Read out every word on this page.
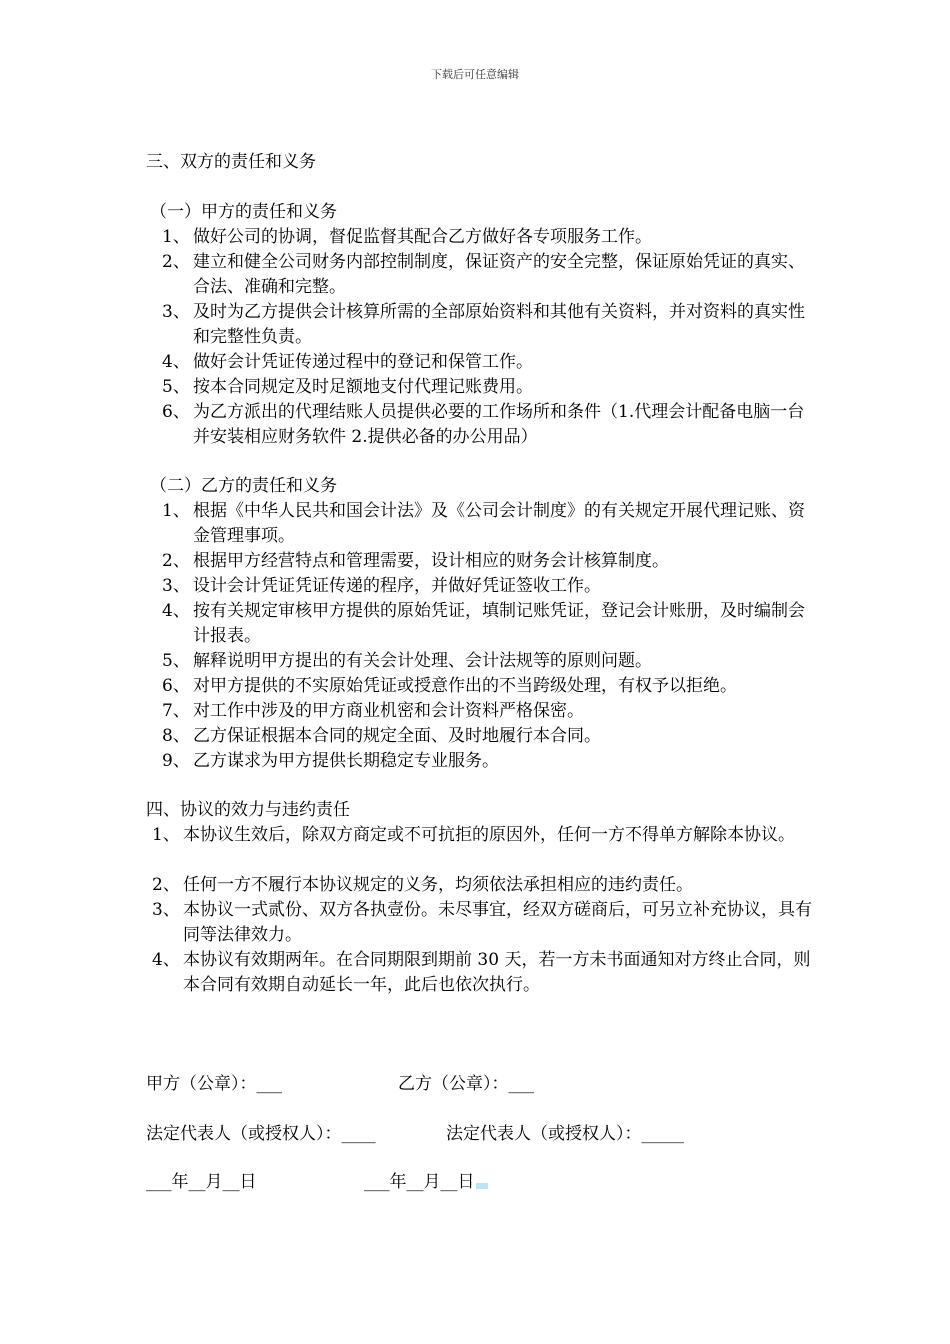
下载后可任意编辑
三、双方的责任和义务
（一）甲方的责任和义务
1、 做好公司的协调，督促监督其配合乙方做好各专项服务工作。
2、 建立和健全公司财务内部控制制度，保证资产的安全完整，保证原始凭证的真实、合法、准确和完整。
3、 及时为乙方提供会计核算所需的全部原始资料和其他有关资料，并对资料的真实性和完整性负责。
4、 做好会计凭证传递过程中的登记和保管工作。
5、 按本合同规定及时足额地支付代理记账费用。
6、 为乙方派出的代理结账人员提供必要的工作场所和条件（1.代理会计配备电脑一台并安装相应财务软件 2.提供必备的办公用品）
（二）乙方的责任和义务
1、 根据《中华人民共和国会计法》及《公司会计制度》的有关规定开展代理记账、资金管理事项。
2、 根据甲方经营特点和管理需要，设计相应的财务会计核算制度。
3、 设计会计凭证凭证传递的程序，并做好凭证签收工作。
4、 按有关规定审核甲方提供的原始凭证，填制记账凭证，登记会计账册，及时编制会计报表。
5、 解释说明甲方提出的有关会计处理、会计法规等的原则问题。
6、 对甲方提供的不实原始凭证或授意作出的不当跨级处理，有权予以拒绝。
7、 对工作中涉及的甲方商业机密和会计资料严格保密。
8、 乙方保证根据本合同的规定全面、及时地履行本合同。
9、 乙方谋求为甲方提供长期稳定专业服务。
四、协议的效力与违约责任
1、 本协议生效后，除双方商定或不可抗拒的原因外，任何一方不得单方解除本协议。
2、 任何一方不履行本协议规定的义务，均须依法承担相应的违约责任。
3、 本协议一式贰份、双方各执壹份。未尽事宜，经双方磋商后，可另立补充协议，具有同等法律效力。
4、 本协议有效期两年。在合同期限到期前 30 天，若一方未书面通知对方终止合同，则本合同有效期自动延长一年，此后也依次执行。
甲方（公章）：___	乙方（公章）：___
法定代表人（或授权人）：____	法定代表人（或授权人）：_____
___年__月__日	___年__月__日
